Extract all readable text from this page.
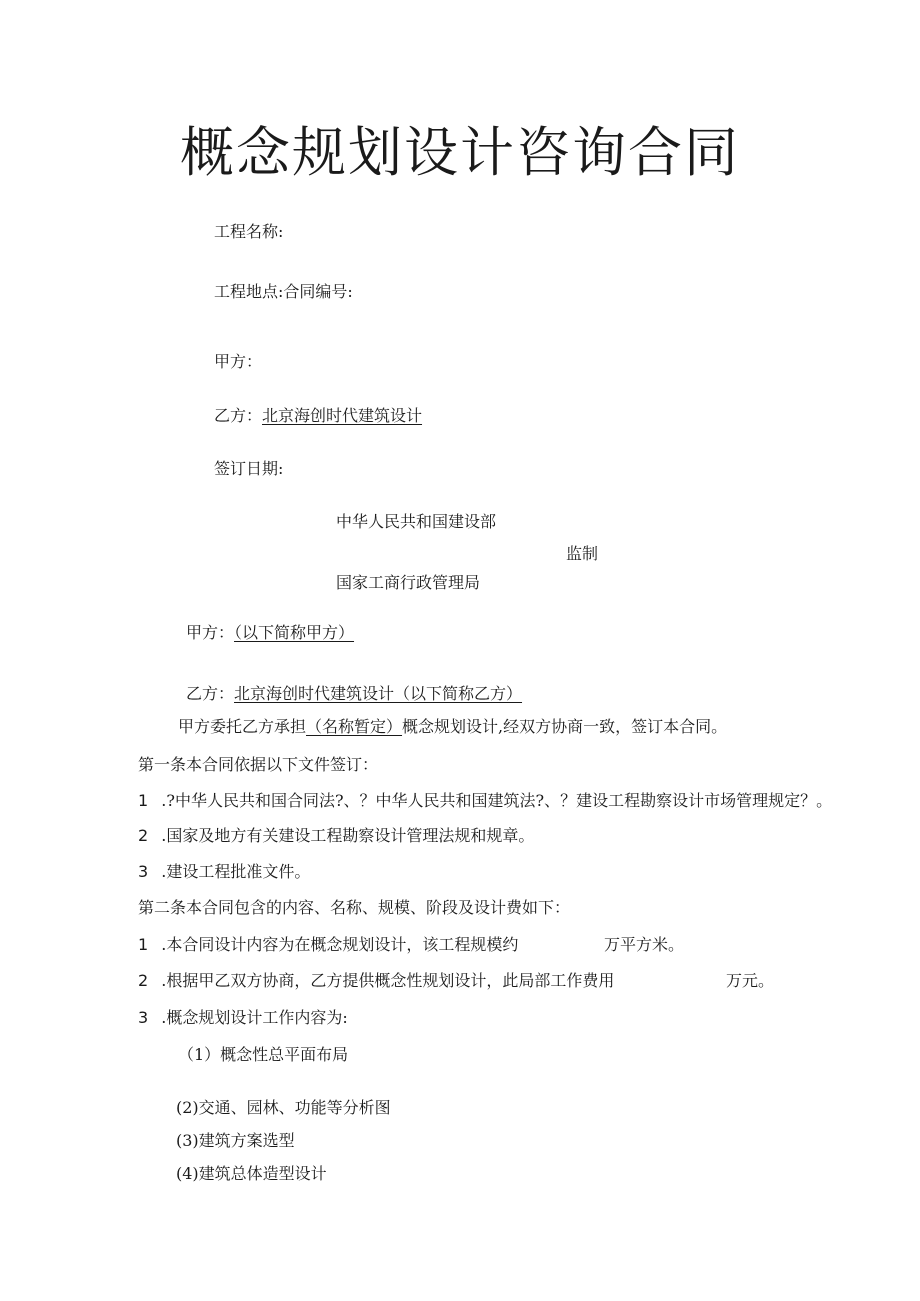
概念规划设计咨询合同
工程名称:
工程地点:合同编号:
甲方：
乙方：北京海创时代建筑设计
签订日期:
中华人民共和国建设部
监制
国家工商行政管理局
甲方：（以下简称甲方）
乙方：北京海创时代建筑设计（以下简称乙方）
甲方委托乙方承担（名称暂定）概念规划设计,经双方协商一致，签订本合同。
第一条本合同依据以下文件签订：
1 .?中华人民共和国合同法?、？中华人民共和国建筑法?、？建设工程勘察设计市场管理规定？。
2 .国家及地方有关建设工程勘察设计管理法规和规章。
3 .建设工程批准文件。
第二条本合同包含的内容、名称、规模、阶段及设计费如下：
1 .本合同设计内容为在概念规划设计，该工程规模约	万平方米。
2 .根据甲乙双方协商，乙方提供概念性规划设计，此局部工作费用	万元。
3 .概念规划设计工作内容为:
（1）概念性总平面布局
(2)交通、园林、功能等分析图
(3)建筑方案选型
(4)建筑总体造型设计
